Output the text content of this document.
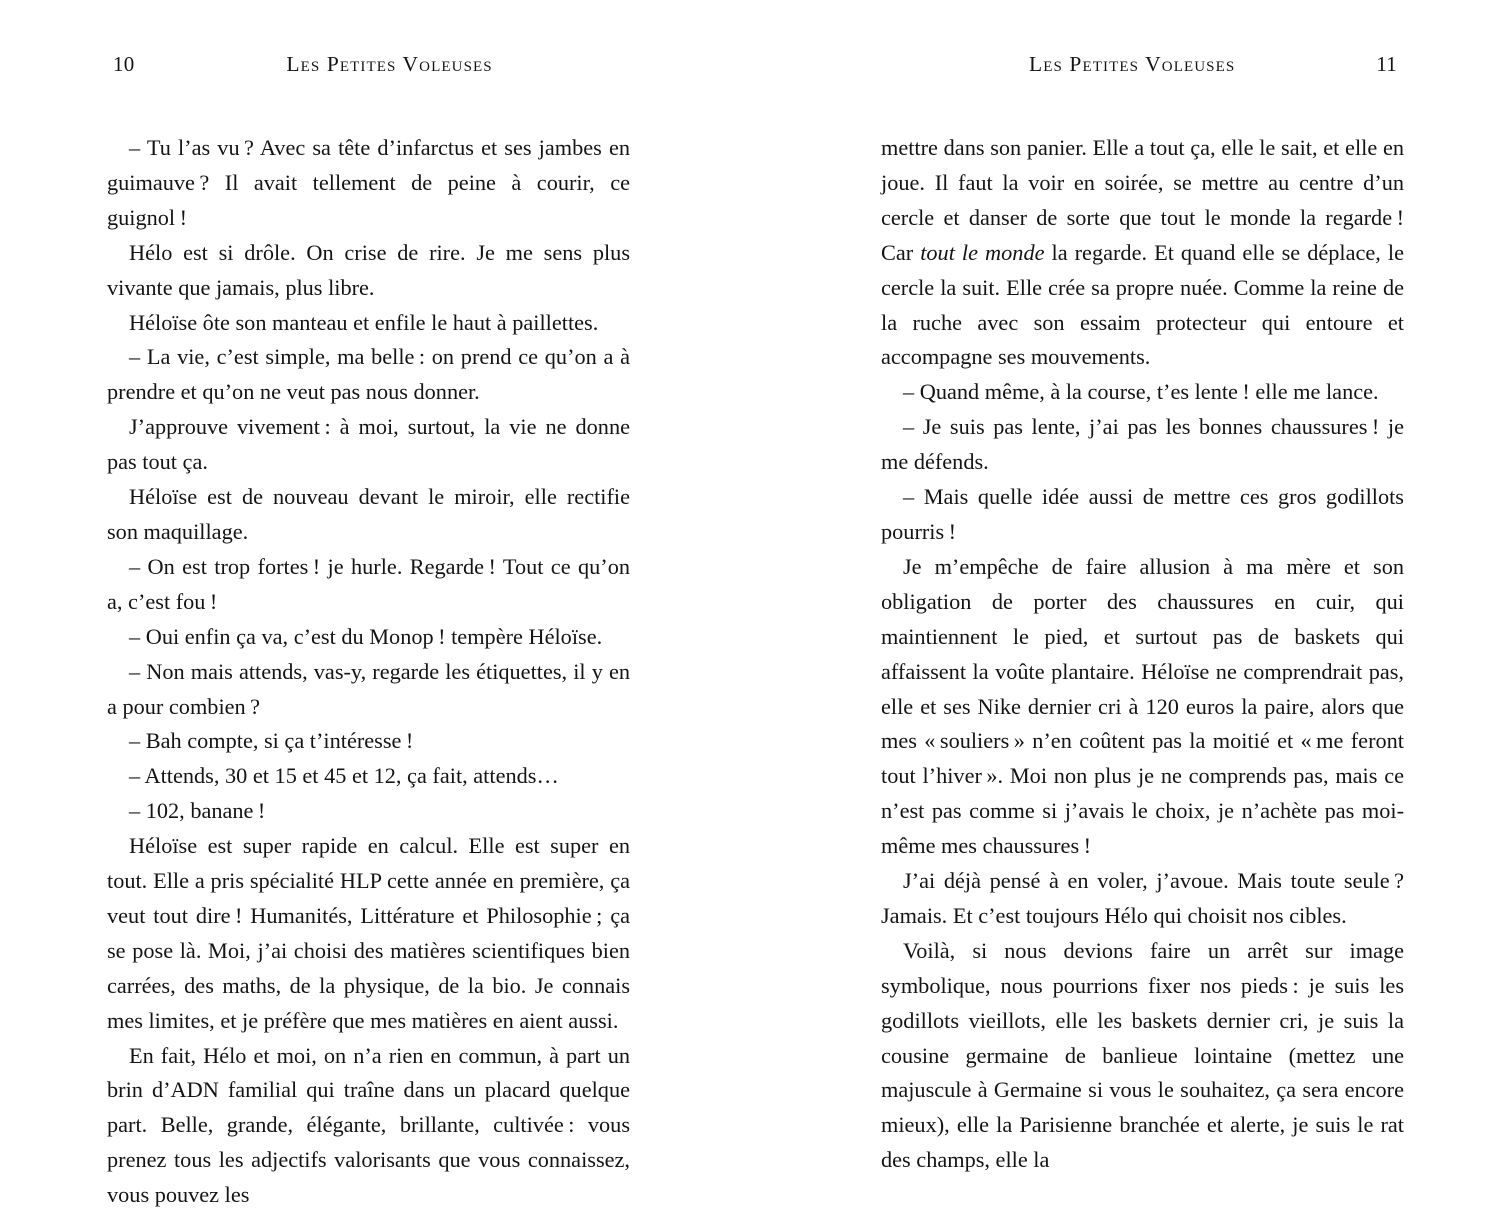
10	Les Petites Voleuses

– Tu l’as vu ? Avec sa tête d’infarctus et ses jambes en guimauve ? Il avait tellement de peine à courir, ce guignol !

Hélo est si drôle. On crise de rire. Je me sens plus vivante que jamais, plus libre.

Héloïse ôte son manteau et enfile le haut à paillettes.

– La vie, c’est simple, ma belle : on prend ce qu’on a à prendre et qu’on ne veut pas nous donner.

J’approuve vivement : à moi, surtout, la vie ne donne pas tout ça.

Héloïse est de nouveau devant le miroir, elle rectifie son maquillage.

– On est trop fortes ! je hurle. Regarde ! Tout ce qu’on a, c’est fou !

– Oui enfin ça va, c’est du Monop ! tempère Héloïse.

– Non mais attends, vas-y, regarde les étiquettes, il y en a pour combien ?

– Bah compte, si ça t’intéresse !

– Attends, 30 et 15 et 45 et 12, ça fait, attends…

– 102, banane !

Héloïse est super rapide en calcul. Elle est super en tout. Elle a pris spécialité HLP cette année en première, ça veut tout dire ! Humanités, Littérature et Philosophie ; ça se pose là. Moi, j’ai choisi des matières scientifiques bien carrées, des maths, de la physique, de la bio. Je connais mes limites, et je préfère que mes matières en aient aussi.

En fait, Hélo et moi, on n’a rien en commun, à part un brin d’ADN familial qui traîne dans un placard quelque part. Belle, grande, élégante, brillante, cultivée : vous prenez tous les adjectifs valorisants que vous connaissez, vous pouvez les

Les Petites Voleuses	11

mettre dans son panier. Elle a tout ça, elle le sait, et elle en joue. Il faut la voir en soirée, se mettre au centre d’un cercle et danser de sorte que tout le monde la regarde ! Car tout le monde la regarde. Et quand elle se déplace, le cercle la suit. Elle crée sa propre nuée. Comme la reine de la ruche avec son essaim protecteur qui entoure et accompagne ses mouvements.

– Quand même, à la course, t’es lente ! elle me lance.

– Je suis pas lente, j’ai pas les bonnes chaussures ! je me défends.

– Mais quelle idée aussi de mettre ces gros godillots pourris !

Je m’empêche de faire allusion à ma mère et son obligation de porter des chaussures en cuir, qui maintiennent le pied, et surtout pas de baskets qui affaissent la voûte plantaire. Héloïse ne comprendrait pas, elle et ses Nike dernier cri à 120 euros la paire, alors que mes « souliers » n’en coûtent pas la moitié et « me feront tout l’hiver ». Moi non plus je ne comprends pas, mais ce n’est pas comme si j’avais le choix, je n’achète pas moi-même mes chaussures !

J’ai déjà pensé à en voler, j’avoue. Mais toute seule ? Jamais. Et c’est toujours Hélo qui choisit nos cibles.

Voilà, si nous devions faire un arrêt sur image symbolique, nous pourrions fixer nos pieds : je suis les godillots vieillots, elle les baskets dernier cri, je suis la cousine germaine de banlieue lointaine (mettez une majuscule à Germaine si vous le souhaitez, ça sera encore mieux), elle la Parisienne branchée et alerte, je suis le rat des champs, elle la
